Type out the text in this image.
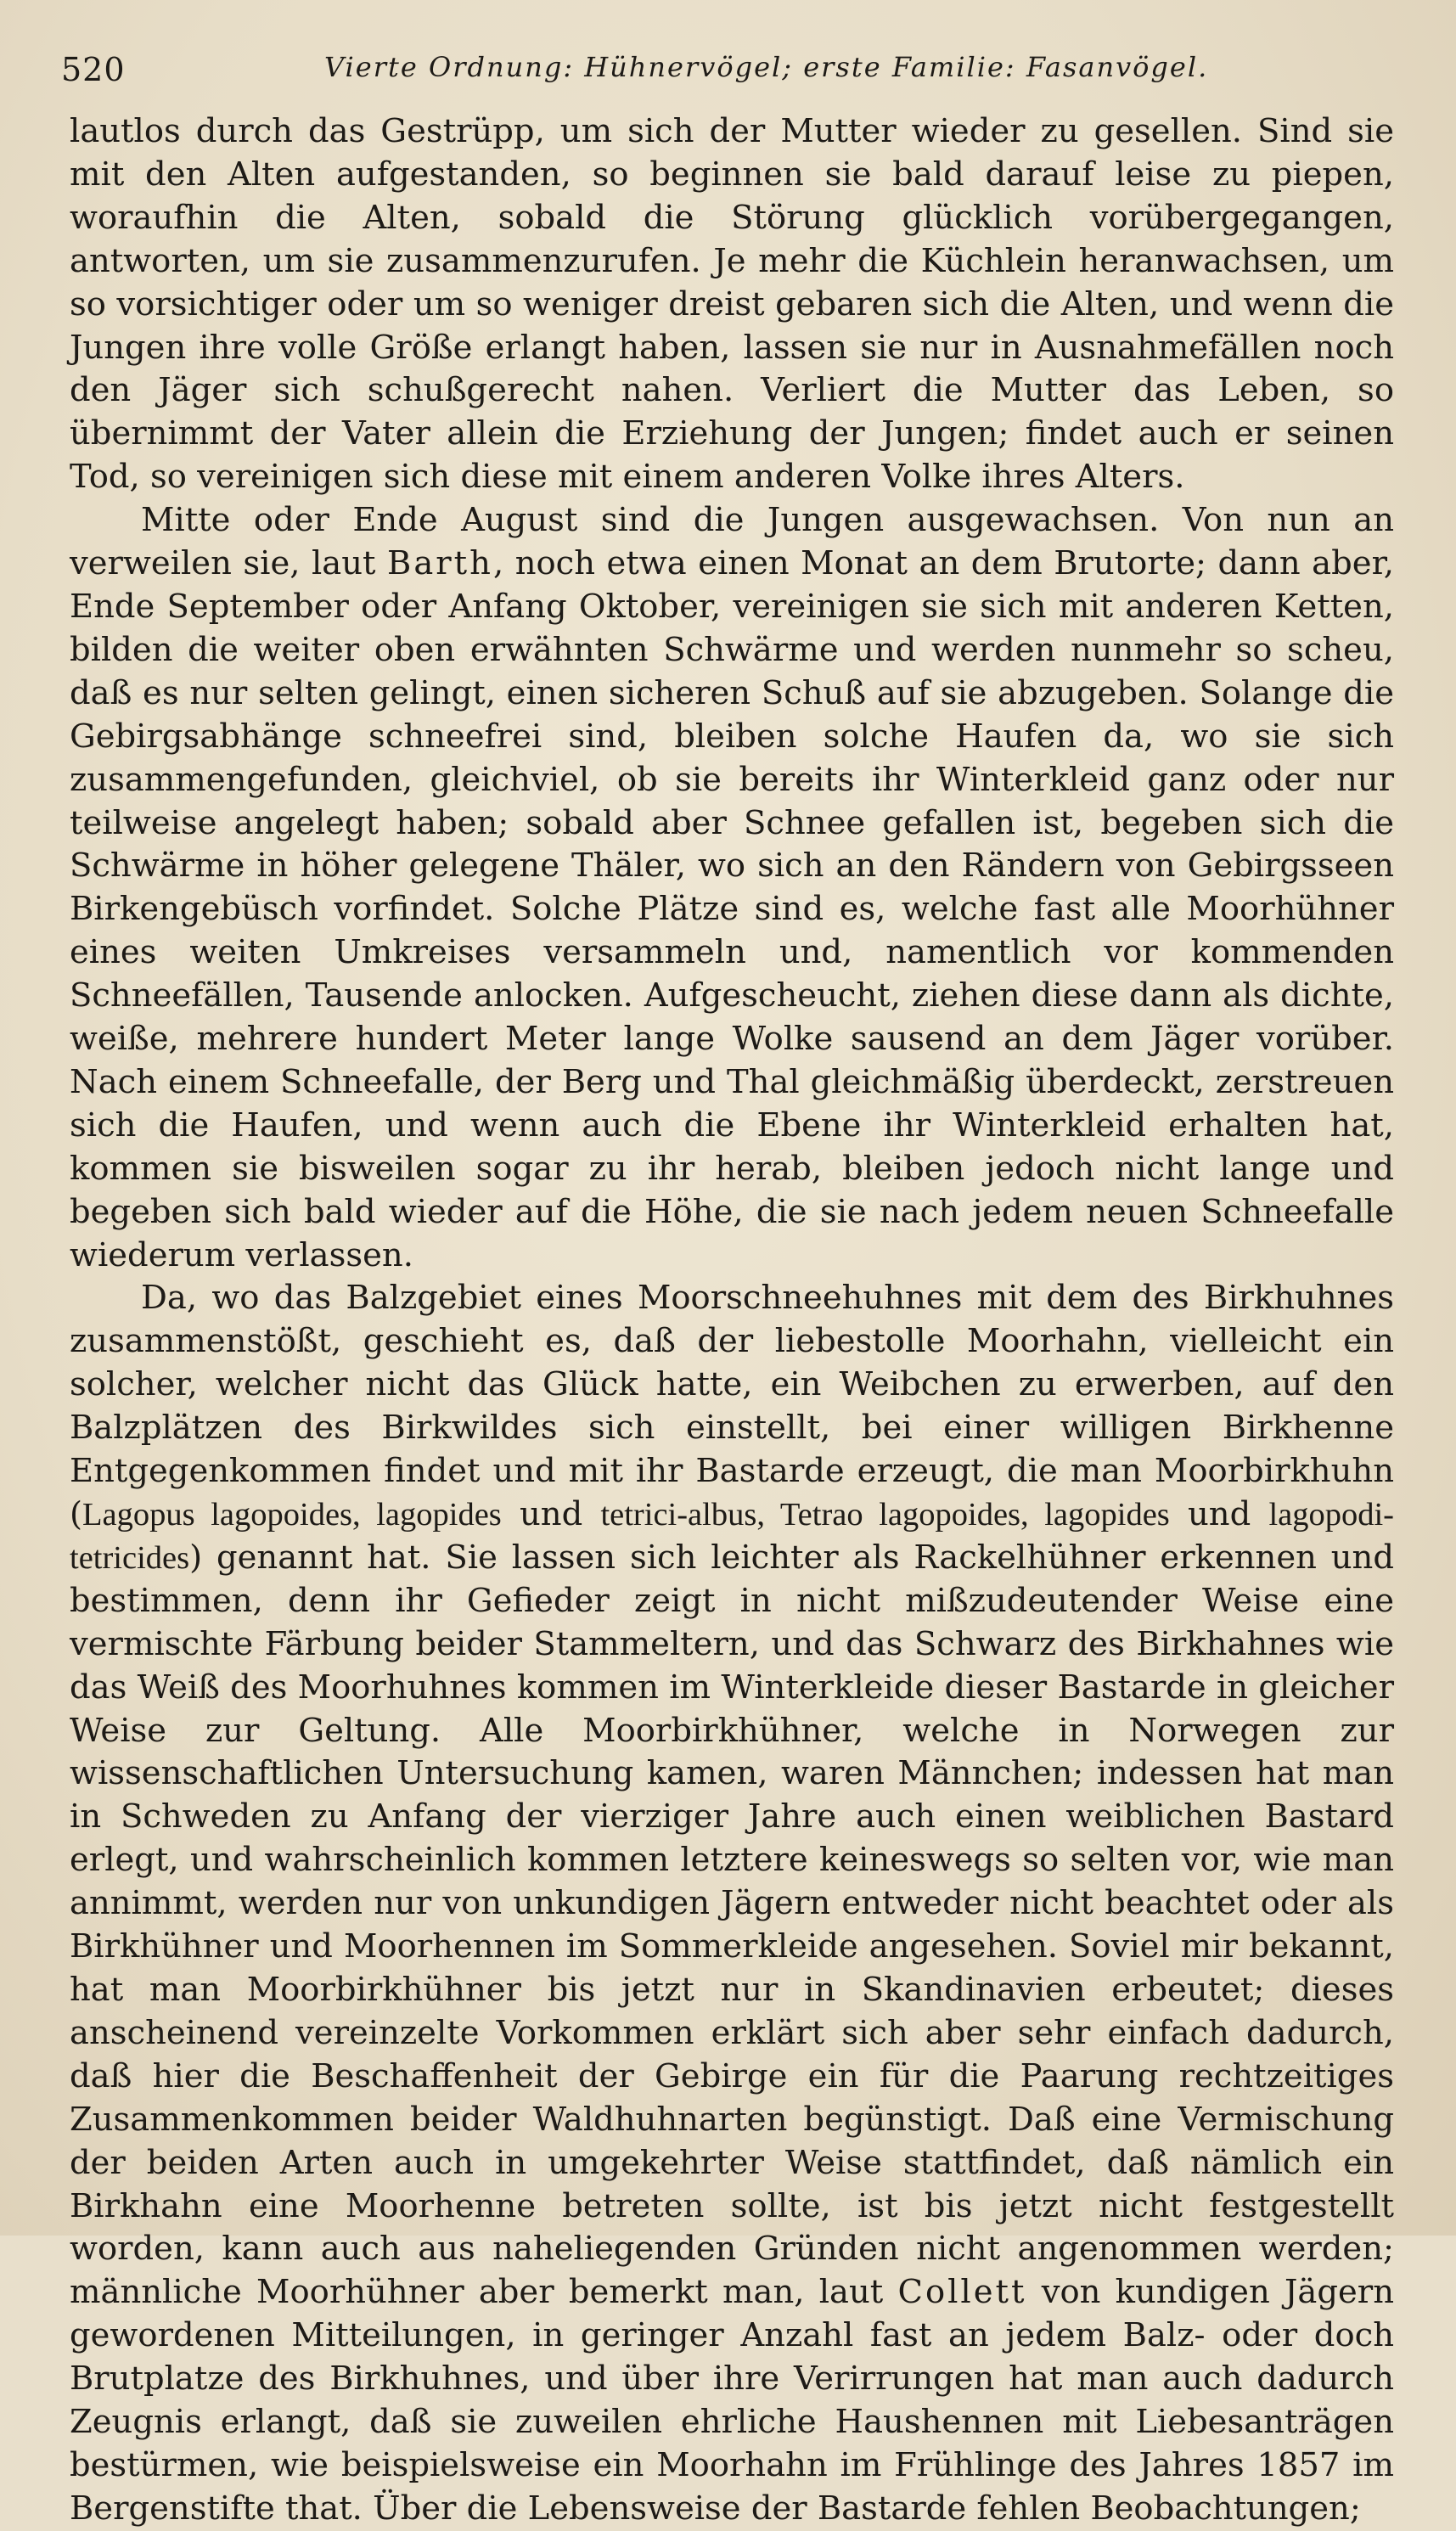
520	Vierte Ordnung: Hühnervögel; erste Familie: Fasanvögel.

lautlos durch das Gestrüpp, um sich der Mutter wieder zu gesellen. Sind sie mit den Alten aufgestanden, so beginnen sie bald darauf leise zu piepen, woraufhin die Alten, sobald die Störung glücklich vorübergegangen, antworten, um sie zusammenzurufen. Je mehr die Küchlein heranwachsen, um so vorsichtiger oder um so weniger dreist gebaren sich die Alten, und wenn die Jungen ihre volle Größe erlangt haben, lassen sie nur in Ausnahmefällen noch den Jäger sich schußgerecht nahen. Verliert die Mutter das Leben, so übernimmt der Vater allein die Erziehung der Jungen; findet auch er seinen Tod, so vereinigen sich diese mit einem anderen Volke ihres Alters.

Mitte oder Ende August sind die Jungen ausgewachsen. Von nun an verweilen sie, laut Barth, noch etwa einen Monat an dem Brutorte; dann aber, Ende September oder Anfang Oktober, vereinigen sie sich mit anderen Ketten, bilden die weiter oben erwähnten Schwärme und werden nunmehr so scheu, daß es nur selten gelingt, einen sicheren Schuß auf sie abzugeben. Solange die Gebirgsabhänge schneefrei sind, bleiben solche Haufen da, wo sie sich zusammengefunden, gleichviel, ob sie bereits ihr Winterkleid ganz oder nur teilweise angelegt haben; sobald aber Schnee gefallen ist, begeben sich die Schwärme in höher gelegene Thäler, wo sich an den Rändern von Gebirgsseen Birkengebüsch vorfindet. Solche Plätze sind es, welche fast alle Moorhühner eines weiten Umkreises versammeln und, namentlich vor kommenden Schneefällen, Tausende anlocken. Aufgescheucht, ziehen diese dann als dichte, weiße, mehrere hundert Meter lange Wolke sausend an dem Jäger vorüber. Nach einem Schneefalle, der Berg und Thal gleichmäßig überdeckt, zerstreuen sich die Haufen, und wenn auch die Ebene ihr Winterkleid erhalten hat, kommen sie bisweilen sogar zu ihr herab, bleiben jedoch nicht lange und begeben sich bald wieder auf die Höhe, die sie nach jedem neuen Schneefalle wiederum verlassen.

Da, wo das Balzgebiet eines Moorschneehuhnes mit dem des Birkhuhnes zusammenstößt, geschieht es, daß der liebestolle Moorhahn, vielleicht ein solcher, welcher nicht das Glück hatte, ein Weibchen zu erwerben, auf den Balzplätzen des Birkwildes sich einstellt, bei einer willigen Birkhenne Entgegenkommen findet und mit ihr Bastarde erzeugt, die man Moorbirkhuhn (Lagopus lagopoides, lagopides und tetrici-albus, Tetrao lagopoides, lagopides und lagopodi-tetricides) genannt hat. Sie lassen sich leichter als Rackelhühner erkennen und bestimmen, denn ihr Gefieder zeigt in nicht mißzudeutender Weise eine vermischte Färbung beider Stammeltern, und das Schwarz des Birkhahnes wie das Weiß des Moorhuhnes kommen im Winterkleide dieser Bastarde in gleicher Weise zur Geltung. Alle Moorbirkhühner, welche in Norwegen zur wissenschaftlichen Untersuchung kamen, waren Männchen; indessen hat man in Schweden zu Anfang der vierziger Jahre auch einen weiblichen Bastard erlegt, und wahrscheinlich kommen letztere keineswegs so selten vor, wie man annimmt, werden nur von unkundigen Jägern entweder nicht beachtet oder als Birkhühner und Moorhennen im Sommerkleide angesehen. Soviel mir bekannt, hat man Moorbirkhühner bis jetzt nur in Skandinavien erbeutet; dieses anscheinend vereinzelte Vorkommen erklärt sich aber sehr einfach dadurch, daß hier die Beschaffenheit der Gebirge ein für die Paarung rechtzeitiges Zusammenkommen beider Waldhuhnarten begünstigt. Daß eine Vermischung der beiden Arten auch in umgekehrter Weise stattfindet, daß nämlich ein Birkhahn eine Moorhenne betreten sollte, ist bis jetzt nicht festgestellt worden, kann auch aus naheliegenden Gründen nicht angenommen werden; männliche Moorhühner aber bemerkt man, laut Collett von kundigen Jägern gewordenen Mitteilungen, in geringer Anzahl fast an jedem Balz- oder doch Brutplatze des Birkhuhnes, und über ihre Verirrungen hat man auch dadurch Zeugnis erlangt, daß sie zuweilen ehrliche Haushennen mit Liebesanträgen bestürmen, wie beispielsweise ein Moorhahn im Frühlinge des Jahres 1857 im Bergenstifte that. Über die Lebensweise der Bastarde fehlen Beobachtungen;
